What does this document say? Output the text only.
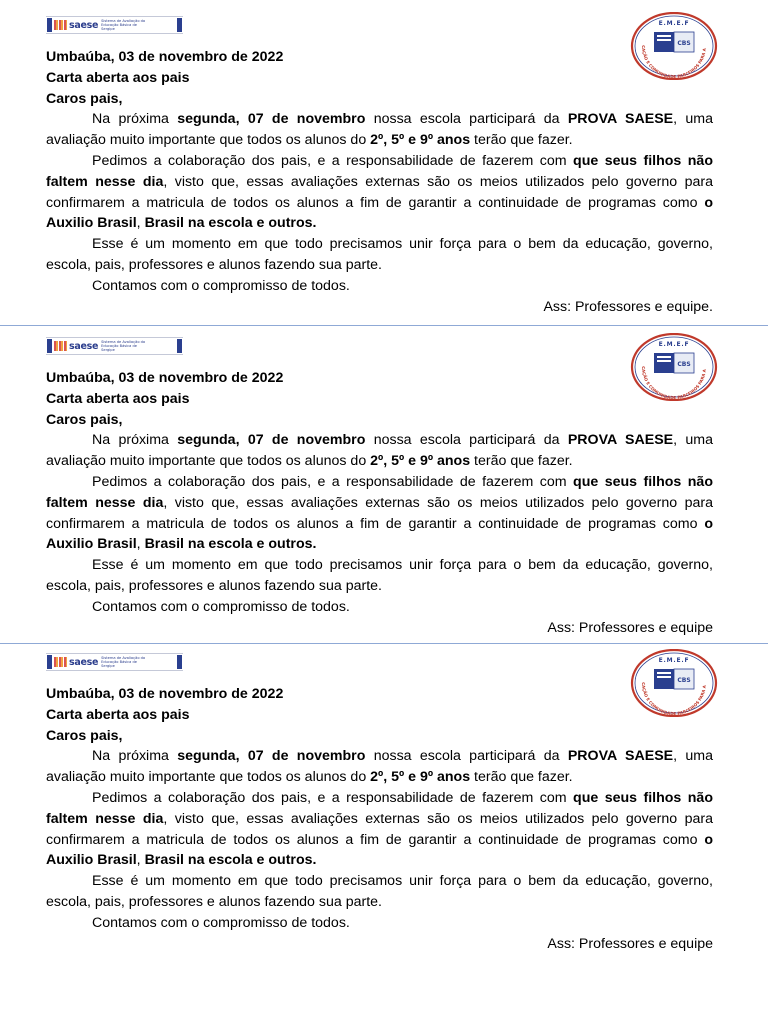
saese Sistema de Avaliação da Educação Básica de Sergipe
E.M.E.F
CBS
CAÇÃO E COMUNIDADE PARCEIROS PARA A

Umbaúba, 03 de novembro de 2022

Carta aberta aos pais

Caros pais,

Na próxima segunda, 07 de novembro nossa escola participará da PROVA SAESE, uma avaliação muito importante que todos os alunos do 2º, 5º e 9º anos terão que fazer.

Pedimos a colaboração dos pais, e a responsabilidade de fazerem com que seus filhos não faltem nesse dia, visto que, essas avaliações externas são os meios utilizados pelo governo para confirmarem a matricula de todos os alunos a fim de garantir a continuidade de programas como o Auxilio Brasil, Brasil na escola e outros.

Esse é um momento em que todo precisamos unir força para o bem da educação, governo, escola, pais, professores e alunos fazendo sua parte.

Contamos com o compromisso de todos.

Ass: Professores e equipe.

saese Sistema de Avaliação da Educação Básica de Sergipe
E.M.E.F
CBS
CAÇÃO E COMUNIDADE PARCEIROS PARA A

Umbaúba, 03 de novembro de 2022

Carta aberta aos pais

Caros pais,

Na próxima segunda, 07 de novembro nossa escola participará da PROVA SAESE, uma avaliação muito importante que todos os alunos do 2º, 5º e 9º anos terão que fazer.

Pedimos a colaboração dos pais, e a responsabilidade de fazerem com que seus filhos não faltem nesse dia, visto que, essas avaliações externas são os meios utilizados pelo governo para confirmarem a matricula de todos os alunos a fim de garantir a continuidade de programas como o Auxilio Brasil, Brasil na escola e outros.

Esse é um momento em que todo precisamos unir força para o bem da educação, governo, escola, pais, professores e alunos fazendo sua parte.

Contamos com o compromisso de todos.

Ass: Professores e equipe

saese Sistema de Avaliação da Educação Básica de Sergipe
E.M.E.F
CBS
CAÇÃO E COMUNIDADE PARCEIROS PARA A

Umbaúba, 03 de novembro de 2022

Carta aberta aos pais

Caros pais,

Na próxima segunda, 07 de novembro nossa escola participará da PROVA SAESE, uma avaliação muito importante que todos os alunos do 2º, 5º e 9º anos terão que fazer.

Pedimos a colaboração dos pais, e a responsabilidade de fazerem com que seus filhos não faltem nesse dia, visto que, essas avaliações externas são os meios utilizados pelo governo para confirmarem a matricula de todos os alunos a fim de garantir a continuidade de programas como o Auxilio Brasil, Brasil na escola e outros.

Esse é um momento em que todo precisamos unir força para o bem da educação, governo, escola, pais, professores e alunos fazendo sua parte.

Contamos com o compromisso de todos.

Ass: Professores e equipe
